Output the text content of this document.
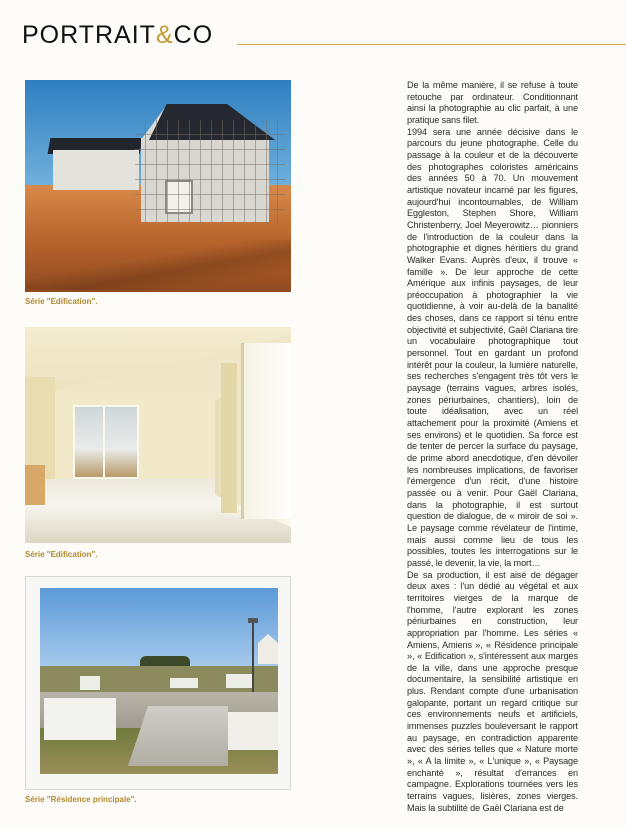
PORTRAIT&CO
Série "Edification".
Série "Edification".
Série "Résidence principale".

De la même manière, il se refuse à toute retouche par ordinateur. Conditionnant ainsi la photographie au clic parfait, à une pratique sans filet.

1994 sera une année décisive dans le parcours du jeune photographe. Celle du passage à la couleur et de la découverte des photographes coloristes américains des années 50 à 70. Un mouvement artistique novateur incarné par les figures, aujourd'hui incontournables, de William Eggleston, Stephen Shore, William Christenberry, Joel Meyerowitz… pionniers de l'introduction de la couleur dans la photographie et dignes héritiers du grand Walker Evans. Auprès d'eux, il trouve « famille ». De leur approche de cette Amérique aux infinis paysages, de leur préoccupation à photographier la vie quotidienne, à voir au-delà de la banalité des choses, dans ce rapport si ténu entre objectivité et subjectivité, Gaël Clariana tire un vocabulaire photographique tout personnel. Tout en gardant un profond intérêt pour la couleur, la lumière naturelle, ses recherches s'engagent très tôt vers le paysage (terrains vagues, arbres isolés, zones périurbaines, chantiers), loin de toute idéalisation, avec un réel attachement pour la proximité (Amiens et ses environs) et le quotidien. Sa force est de tenter de percer la surface du paysage, de prime abord anecdotique, d'en dévoiler les nombreuses implications, de favoriser l'émergence d'un récit, d'une histoire passée ou à venir. Pour Gaël Clariana, dans la photographie, il est surtout question de dialogue, de « miroir de soi ». Le paysage comme révélateur de l'intime, mais aussi comme lieu de tous les possibles, toutes les interrogations sur le passé, le devenir, la vie, la mort…

De sa production, il est aisé de dégager deux axes : l'un dédié au végétal et aux territoires vierges de la marque de l'homme, l'autre explorant les zones périurbaines en construction, leur appropriation par l'homme. Les séries « Amiens, Amiens », « Résidence principale », « Edification », s'intéressent aux marges de la ville, dans une approche presque documentaire, la sensibilité artistique en plus. Rendant compte d'une urbanisation galopante, portant un regard critique sur ces environnements neufs et artificiels, immenses puzzles bouleversant le rapport au paysage, en contradiction apparente avec des séries telles que « Nature morte », « A la limite », « L'unique », « Paysage enchanté », résultat d'errances en campagne. Explorations tournées vers les terrains vagues, lisières, zones vierges. Mais la subtilité de Gaël Clariana est de
